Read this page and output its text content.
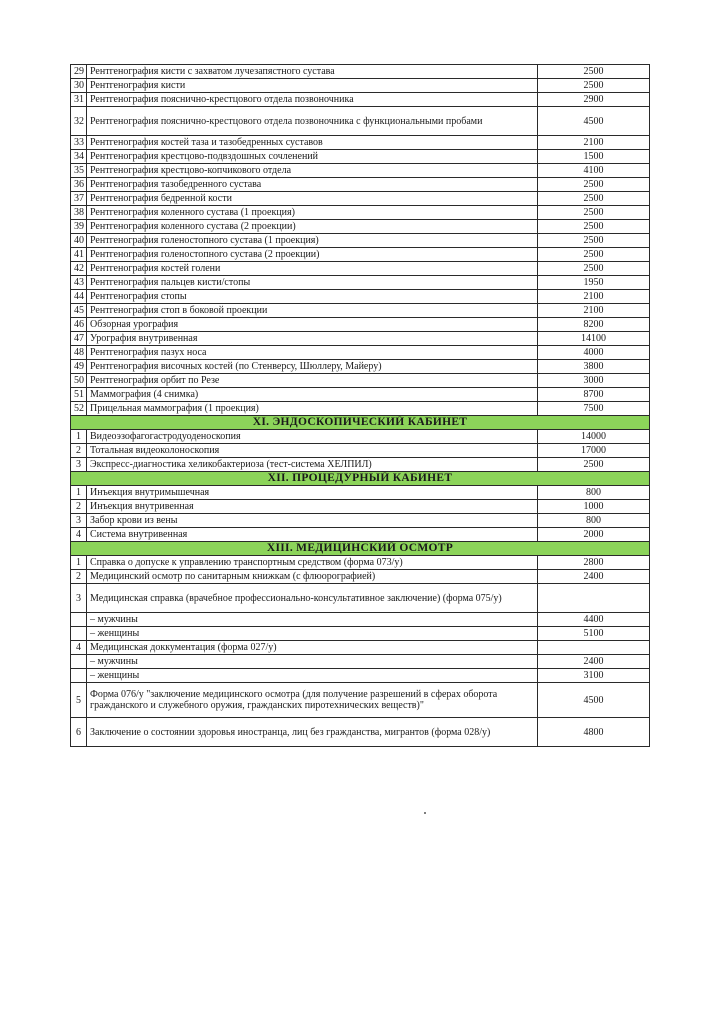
29	Рентгенография кисти с захватом лучезапястного сустава	2500
30	Рентгенография кисти	2500
31	Рентгенография пояснично-крестцового отдела позвоночника	2900
32	Рентгенография пояснично-крестцового отдела позвоночника с функциональными пробами	4500
33	Рентгенография костей таза и тазобедренных суставов	2100
34	Рентгенография крестцово-подвздошных сочленений	1500
35	Рентгенография крестцово-копчикового отдела	4100
36	Рентгенография тазобедренного сустава	2500
37	Рентгенография бедренной кости	2500
38	Рентгенография коленного сустава (1 проекция)	2500
39	Рентгенография коленного сустава (2 проекции)	2500
40	Рентгенография голеностопного сустава (1 проекция)	2500
41	Рентгенография голеностопного сустава (2 проекции)	2500
42	Рентгенография костей голени	2500
43	Рентгенография пальцев кисти/стопы	1950
44	Рентгенография стопы	2100
45	Рентгенография стоп в боковой проекции	2100
46	Обзорная урография	8200
47	Урография внутривенная	14100
48	Рентгенография пазух носа	4000
49	Рентгенография височных костей (по Стенверсу, Шюллеру, Майеру)	3800
50	Рентгенография орбит по Резе	3000
51	Маммография (4 снимка)	8700
52	Прицельная маммография (1 проекция)	7500
XI. ЭНДОСКОПИЧЕСКИЙ КАБИНЕТ		
1	Видеоэзофагогастродуоденоскопия	14000
2	Тотальная видеоколоноскопия	17000
3	Экспресс-диагностика хеликобактериоза (тест-система ХЕЛПИЛ)	2500
XII. ПРОЦЕДУРНЫЙ КАБИНЕТ		
1	Инъекция внутримышечная	800
2	Инъекция внутривенная	1000
3	Забор крови из вены	800
4	Система внутривенная	2000
XIII. МЕДИЦИНСКИЙ ОСМОТР		
1	Справка о допуске к управлению транспортным средством (форма 073/у)	2800
2	Медицинский осмотр по санитарным книжкам (с флюорографией)	2400
3	Медицинская справка (врачебное профессионально-консультативное заключение) (форма 075/у)	
	– мужчины	4400
	– женщины	5100
4	Медицинская доккументация (форма 027/у)	
	– мужчины	2400
	– женщины	3100
5	Форма 076/у "заключение медицинского осмотра (для получение разрешений в сферах оборота гражданского и служебного оружия, гражданских пиротехнических веществ)"	4500
6	Заключение о состоянии здоровья иностранца, лиц без гражданства, мигрантов (форма 028/у)	4800
